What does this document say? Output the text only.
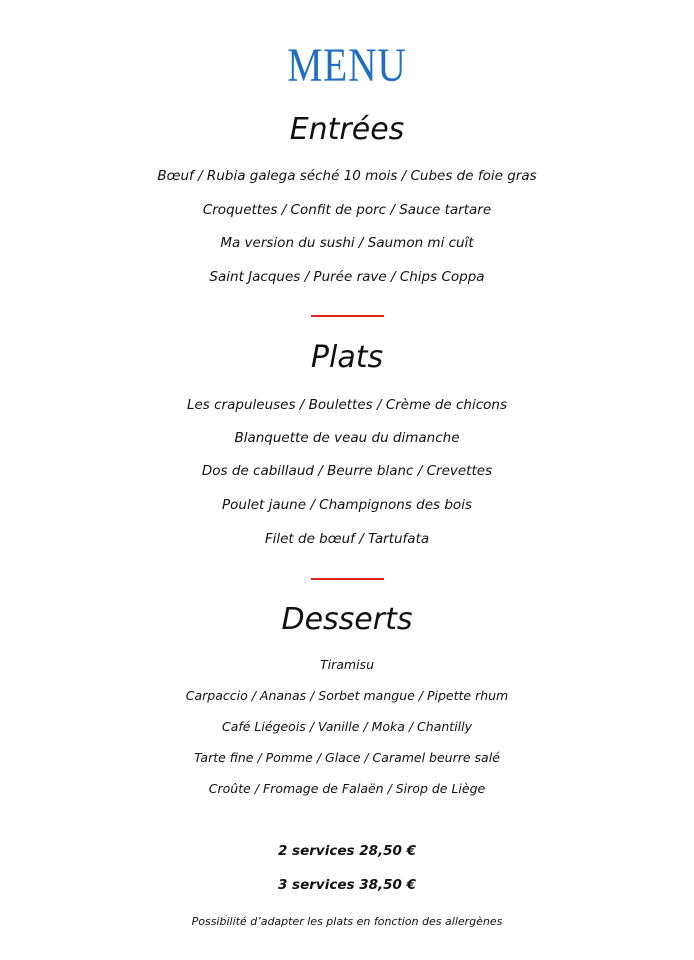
MENU
Entrées
Bœuf / Rubia galega séché 10 mois / Cubes de foie gras
Croquettes / Confit de porc / Sauce tartare
Ma version du sushi / Saumon mi cuît
Saint Jacques / Purée rave / Chips Coppa
Plats
Les crapuleuses / Boulettes / Crème de chicons
Blanquette de veau du dimanche
Dos de cabillaud / Beurre blanc / Crevettes
Poulet jaune / Champignons des bois
Filet de bœuf / Tartufata
Desserts
Tiramisu
Carpaccio / Ananas / Sorbet mangue / Pipette rhum
Café Liégeois / Vanille / Moka / Chantilly
Tarte fine / Pomme / Glace / Caramel beurre salé
Croûte / Fromage de Falaën / Sirop de Liège
2 services 28,50 €
3 services 38,50 €
Possibilité d’adapter les plats en fonction des allergènes
